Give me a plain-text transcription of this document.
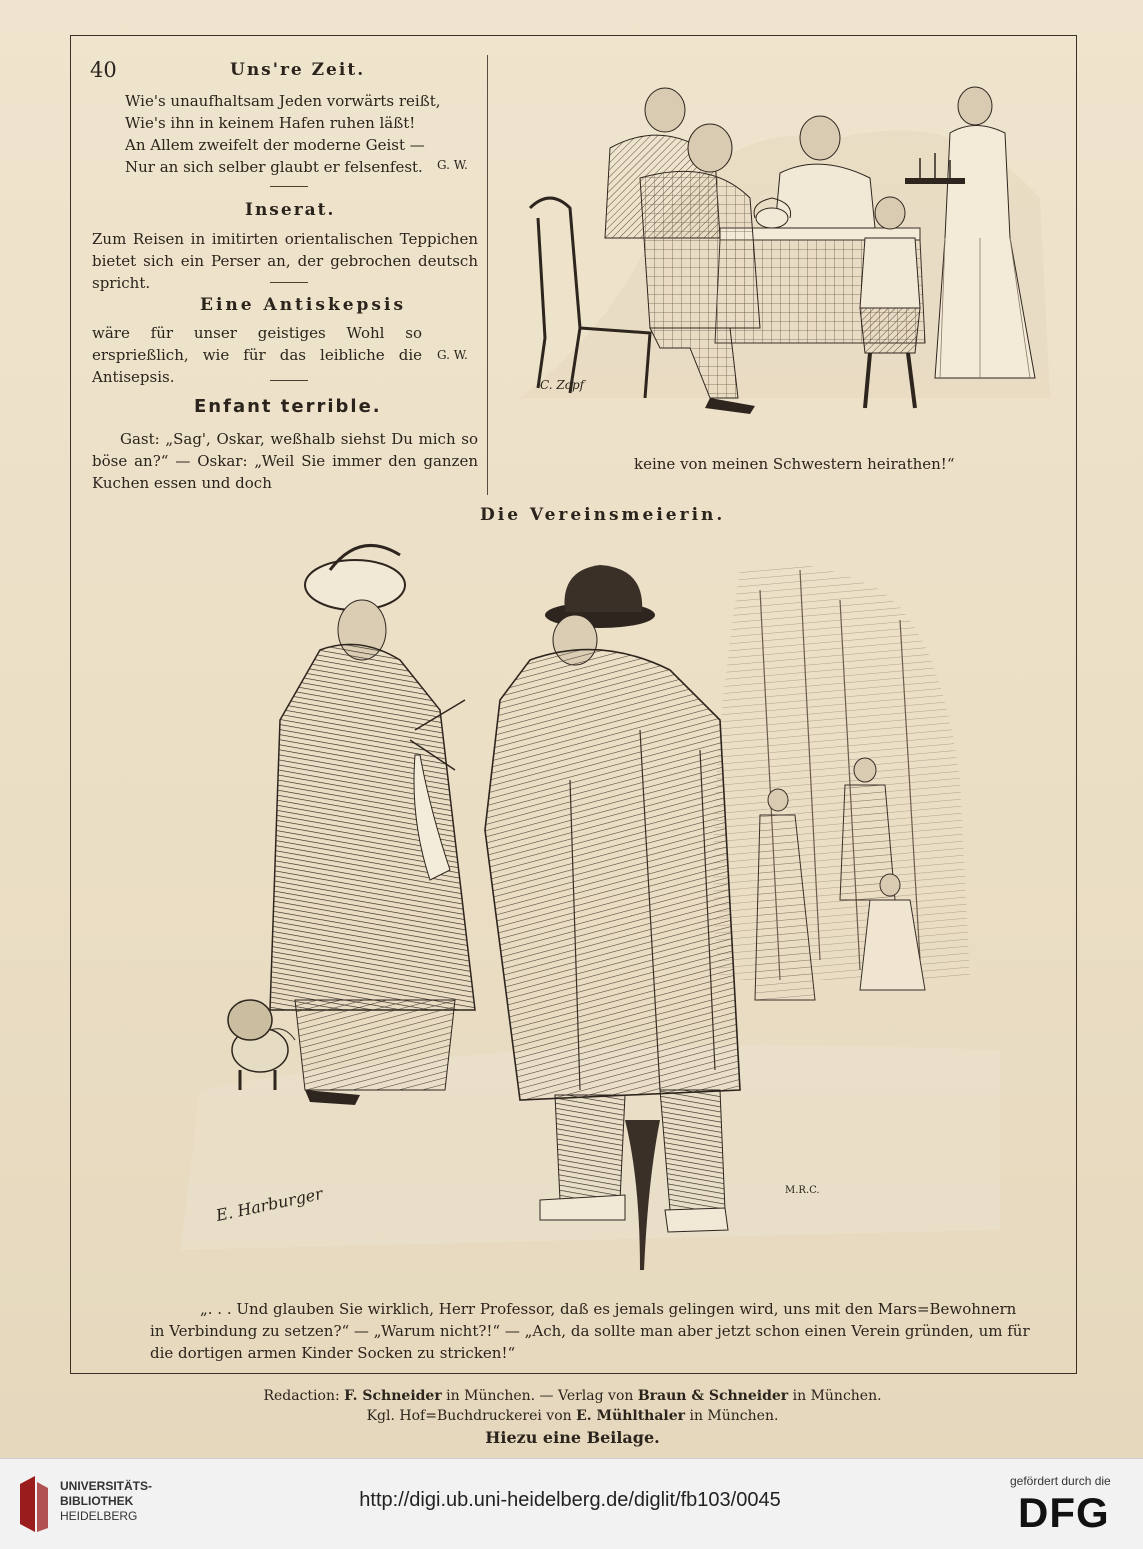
40	Uns're Zeit.
Wie's unaufhaltsam Jeden vorwärts reißt,
Wie's ihn in keinem Hafen ruhen läßt!
An Allem zweifelt der moderne Geist —
Nur an sich selber glaubt er felsenfest.	G. W.
Inserat.
Zum Reisen in imitirten orientalischen Teppichen bietet sich ein Perser an, der gebrochen deutsch spricht.
Eine Antiskepsis
wäre für unser geistiges Wohl so ersprießlich, wie für das leibliche die Antisepsis.
G. W.
Enfant terrible.
Gast: „Sag', Oskar, weßhalb siehst Du mich so böse an?“ — Oskar: „Weil Sie immer den ganzen Kuchen essen und doch
C. Zopf
keine von meinen Schwestern heirathen!“
Die Vereinsmeierin.
E. Harburger	M.R.C.
„. . . Und glauben Sie wirklich, Herr Professor, daß es jemals gelingen wird, uns mit den Mars=Bewohnern in Verbindung zu setzen?“ — „Warum nicht?!“ — „Ach, da sollte man aber jetzt schon einen Verein gründen, um für die dortigen armen Kinder Socken zu stricken!“
Redaction: F. Schneider in München. — Verlag von Braun & Schneider in München.
Kgl. Hof=Buchdruckerei von E. Mühlthaler in München.
Hiezu eine Beilage.
UNIVERSITÄTS-
BIBLIOTHEK
HEIDELBERG
http://digi.ub.uni-heidelberg.de/diglit/fb103/0045
gefördert durch die
DFG
